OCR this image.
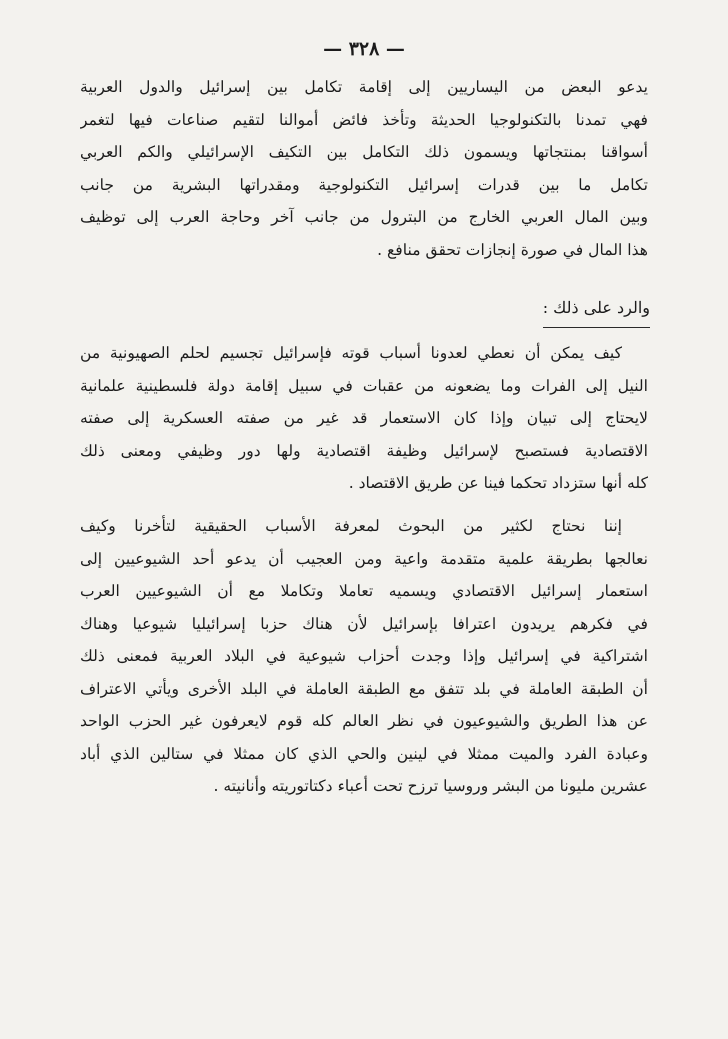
— ٣٢٨ —
يدعو البعض من اليساريين إلى إقامة تكامل بين إسرائيل والدول العربية
فهي تمدنا بالتكنولوجيا الحديثة وتأخذ فائض أموالنا لتقيم صناعات فيها لتغمر
أسواقنا بمنتجاتها ويسمون ذلك التكامل بين التكيف الإسرائيلي والكم العربي
تكامل ما بين قدرات إسرائيل التكنولوجية ومقدراتها البشرية من جانب
وبين المال العربي الخارج من البترول من جانب آخر وحاجة العرب إلى توظيف
هذا المال في صورة إنجازات تحقق منافع .
والرد على ذلك :
كيف يمكن أن نعطي لعدونا أسباب قوته فإسرائيل تجسيم لحلم الصهيونية من
النيل إلى الفرات وما يضعونه من عقبات في سبيل إقامة دولة فلسطينية علمانية
لايحتاج إلى تبيان وإذا كان الاستعمار قد غير من صفته العسكرية إلى صفته
الاقتصادية فستصبح لإسرائيل وظيفة اقتصادية ولها دور وظيفي ومعنى ذلك
كله أنها ستزداد تحكما فينا عن طريق الاقتصاد .
إننا نحتاج لكثير من البحوث لمعرفة الأسباب الحقيقية لتأخرنا وكيف
نعالجها بطريقة علمية متقدمة واعية ومن العجيب أن يدعو أحد الشيوعيين إلى
استعمار إسرائيل الاقتصادي ويسميه تعاملا وتكاملا مع أن الشيوعيين العرب
في فكرهم يريدون اعترافا بإسرائيل لأن هناك حزبا إسرائيليا شيوعيا وهناك
اشتراكية في إسرائيل وإذا وجدت أحزاب شيوعية في البلاد العربية فمعنى ذلك
أن الطبقة العاملة في بلد تتفق مع الطبقة العاملة في البلد الأخرى ويأتي الاعتراف
عن هذا الطريق والشيوعيون في نظر العالم كله قوم لايعرفون غير الحزب الواحد
وعبادة الفرد والميت ممثلا في لينين والحي الذي كان ممثلا في ستالين الذي أباد
عشرين مليونا من البشر وروسيا ترزح تحت أعباء دكتاتوريته وأنانيته .
